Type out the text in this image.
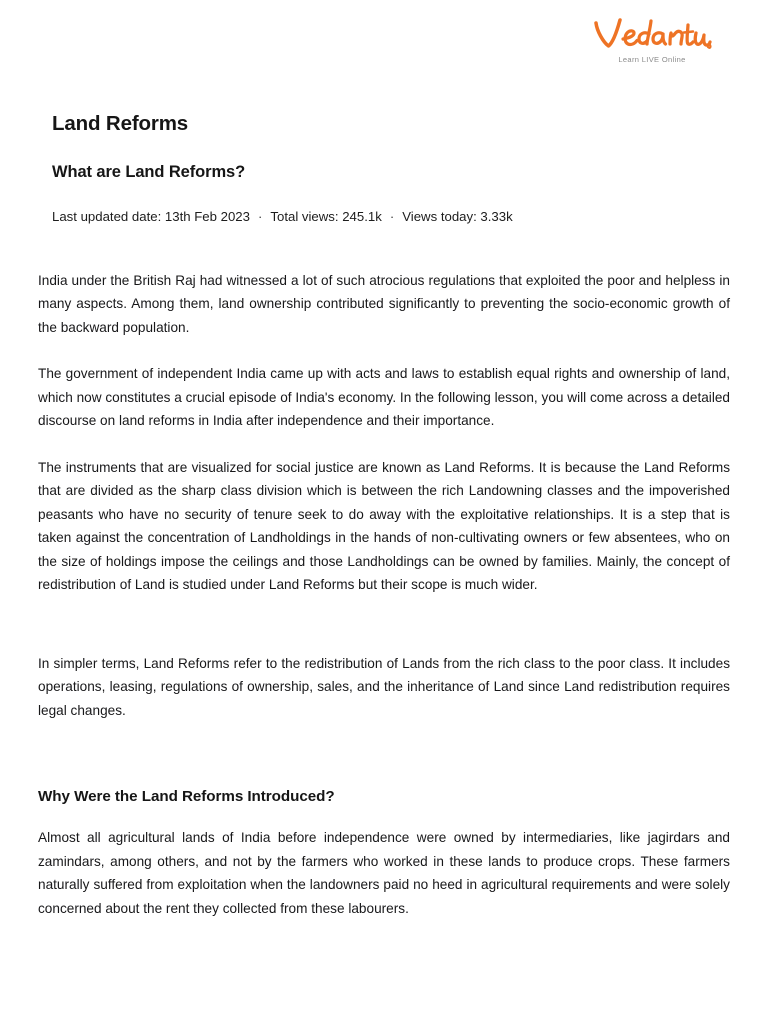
Learn LIVE Online
Land Reforms
What are Land Reforms?
Last updated date: 13th Feb 2023 · Total views: 245.1k · Views today: 3.33k

India under the British Raj had witnessed a lot of such atrocious regulations that exploited the poor and helpless in many aspects. Among them, land ownership contributed significantly to preventing the socio-economic growth of the backward population.

The government of independent India came up with acts and laws to establish equal rights and ownership of land, which now constitutes a crucial episode of India's economy. In the following lesson, you will come across a detailed discourse on land reforms in India after independence and their importance.

The instruments that are visualized for social justice are known as Land Reforms. It is because the Land Reforms that are divided as the sharp class division which is between the rich Landowning classes and the impoverished peasants who have no security of tenure seek to do away with the exploitative relationships. It is a step that is taken against the concentration of Landholdings in the hands of non-cultivating owners or few absentees, who on the size of holdings impose the ceilings and those Landholdings can be owned by families. Mainly, the concept of redistribution of Land is studied under Land Reforms but their scope is much wider.

In simpler terms, Land Reforms refer to the redistribution of Lands from the rich class to the poor class. It includes operations, leasing, regulations of ownership, sales, and the inheritance of Land since Land redistribution requires legal changes.

Why Were the Land Reforms Introduced?

Almost all agricultural lands of India before independence were owned by intermediaries, like jagirdars and zamindars, among others, and not by the farmers who worked in these lands to produce crops. These farmers naturally suffered from exploitation when the landowners paid no heed in agricultural requirements and were solely concerned about the rent they collected from these labourers.
